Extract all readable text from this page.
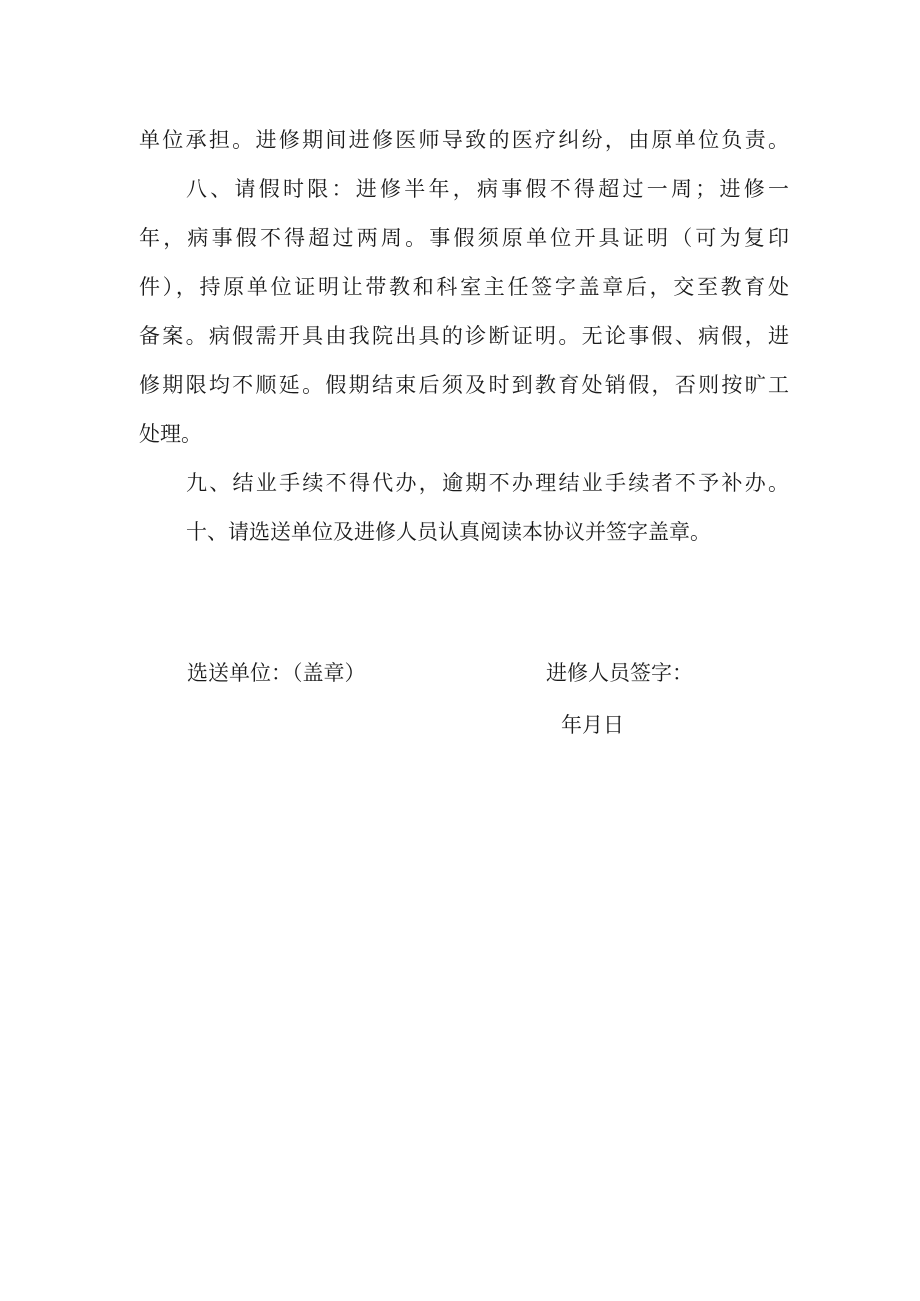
单位承担。进修期间进修医师导致的医疗纠纷，由原单位负责。
八、请假时限：进修半年，病事假不得超过一周；进修一
年，病事假不得超过两周。事假须原单位开具证明（可为复印
件），持原单位证明让带教和科室主任签字盖章后，交至教育处
备案。病假需开具由我院出具的诊断证明。无论事假、病假，进
修期限均不顺延。假期结束后须及时到教育处销假，否则按旷工
处理。
九、结业手续不得代办，逾期不办理结业手续者不予补办。
十、请选送单位及进修人员认真阅读本协议并签字盖章。
选送单位：（盖章）	进修人员签字：
年月日
